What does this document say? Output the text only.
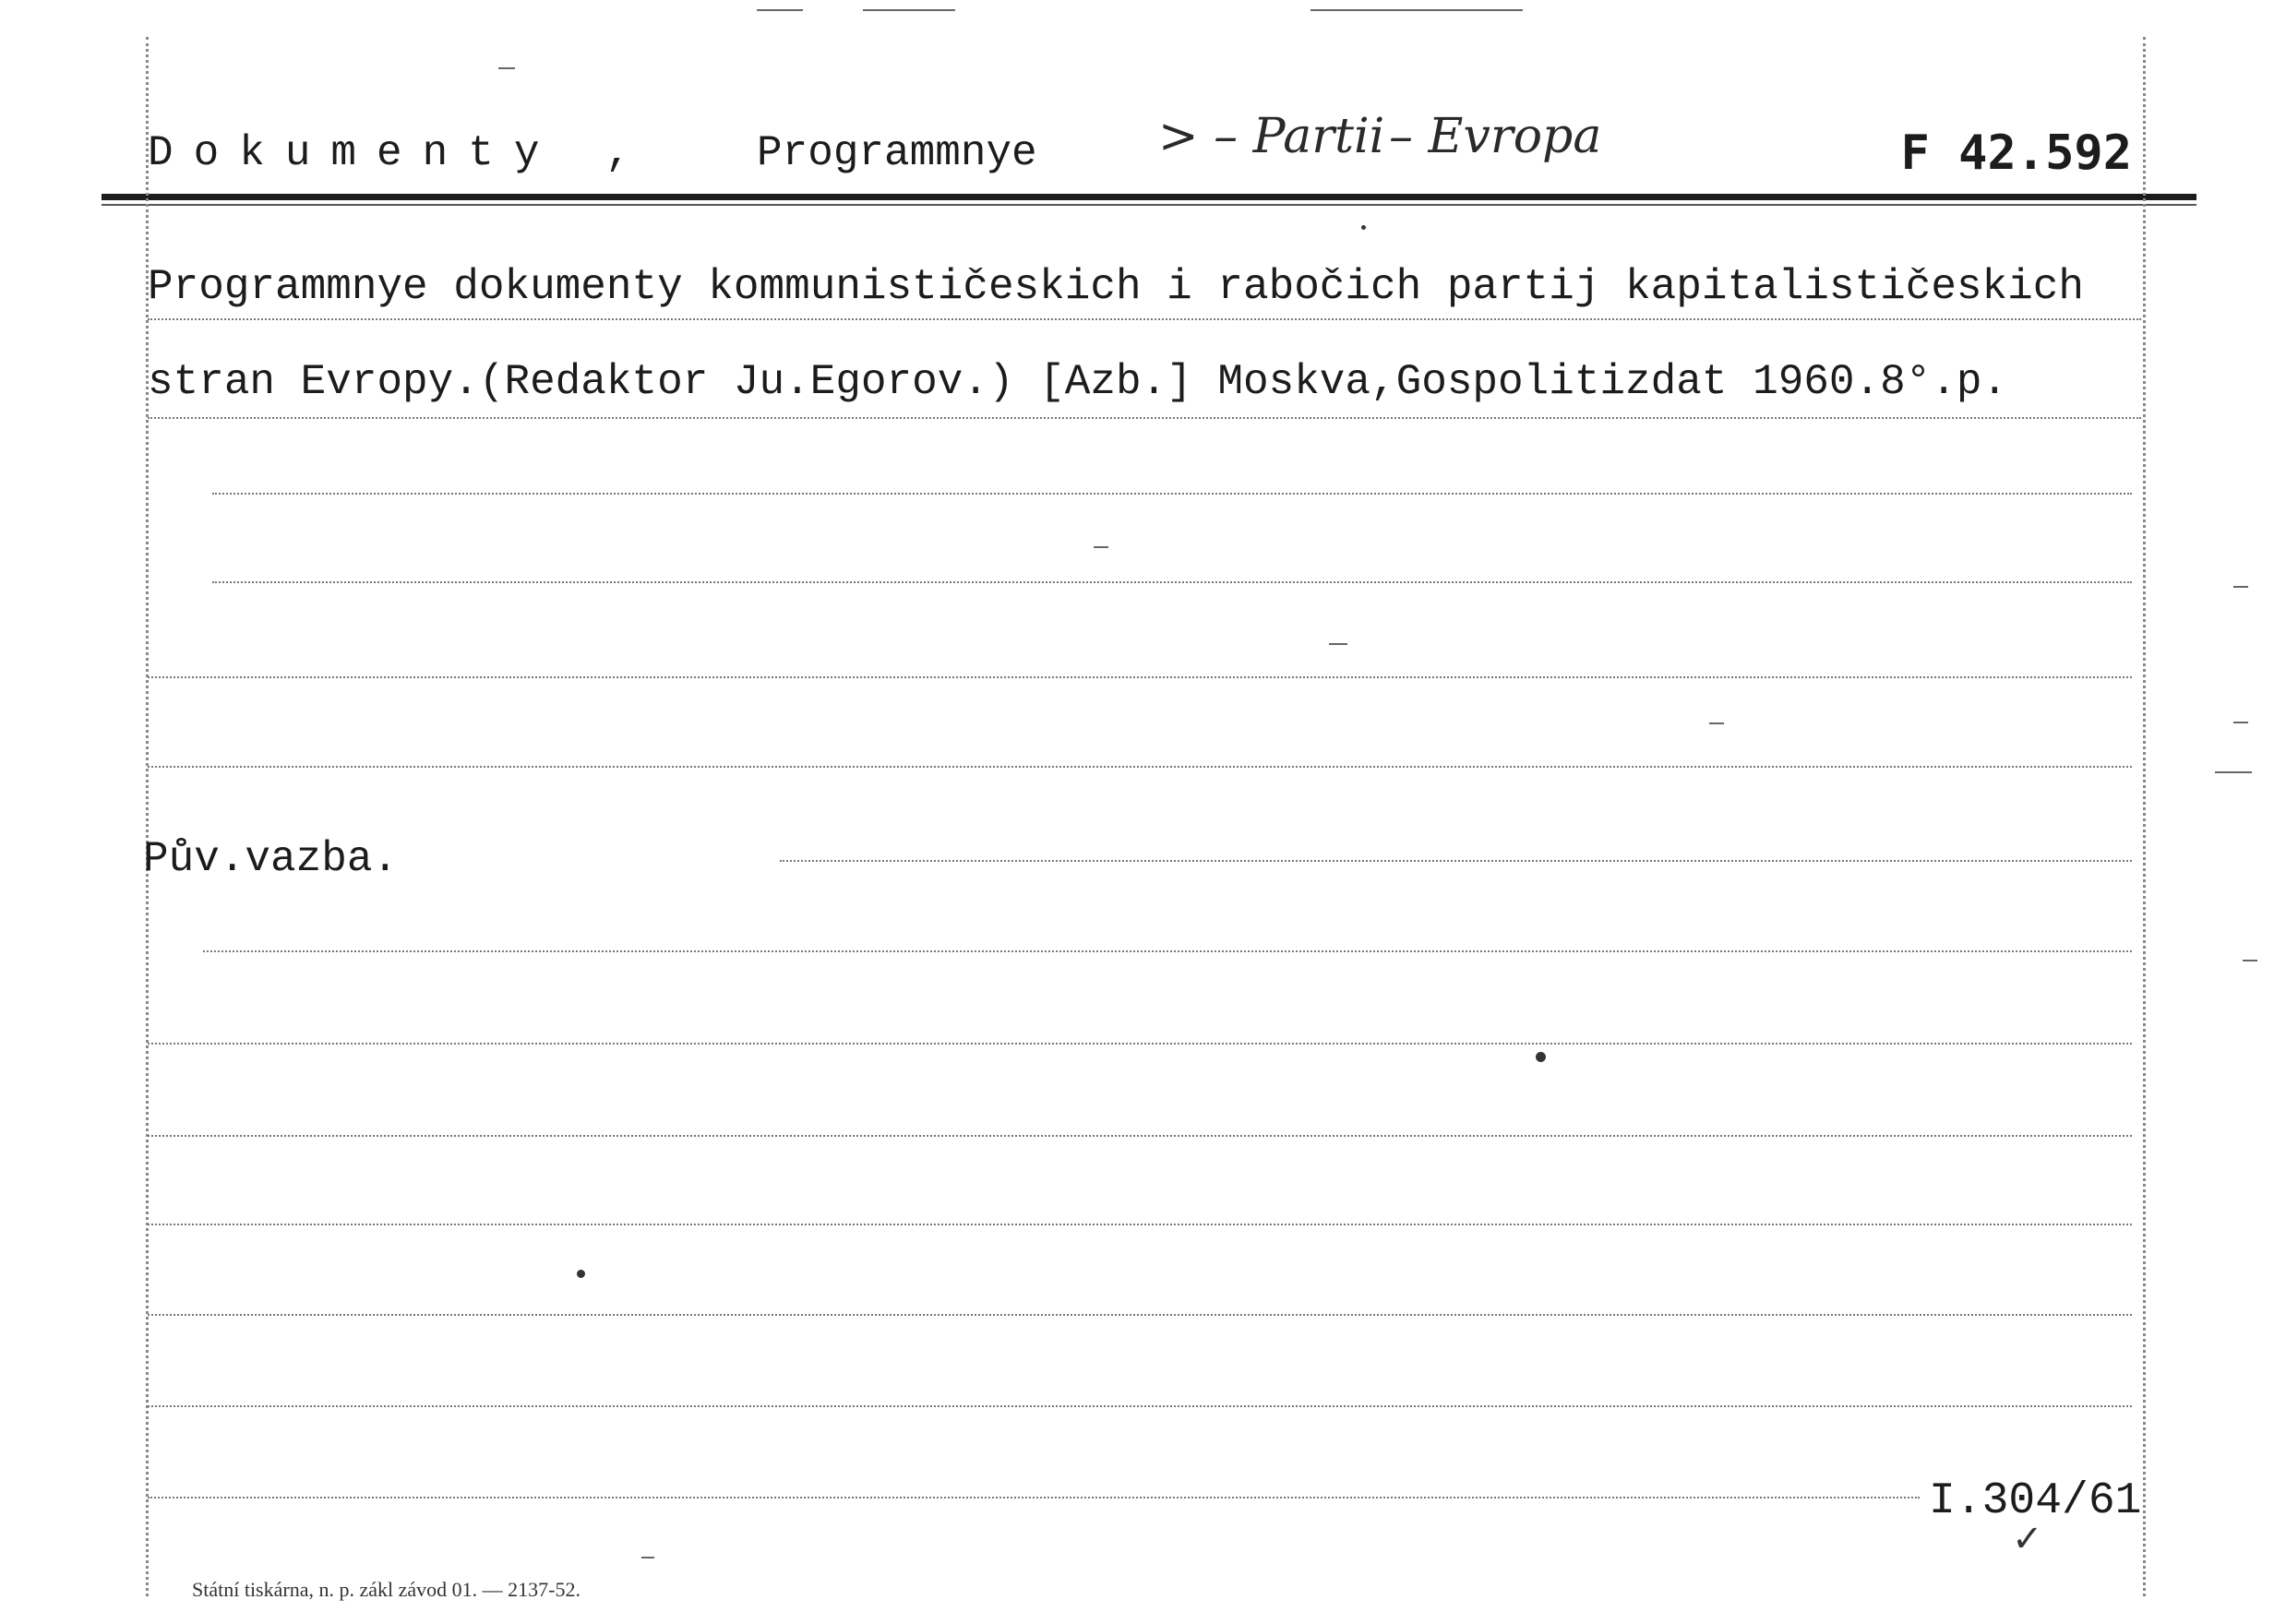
Dokumenty , Programmnye	> – Partii – Evropa	F 42.592
Programmnye dokumenty kommunističeskich i rabočich partij kapitalističeskich
stran Evropy.(Redaktor Ju.Egorov.) [Azb.] Moskva,Gospolitizdat 1960.8°.p.
Pův.vazba.
I.304/61
✓
Státní tiskárna, n. p. zákl závod 01. — 2137-52.
